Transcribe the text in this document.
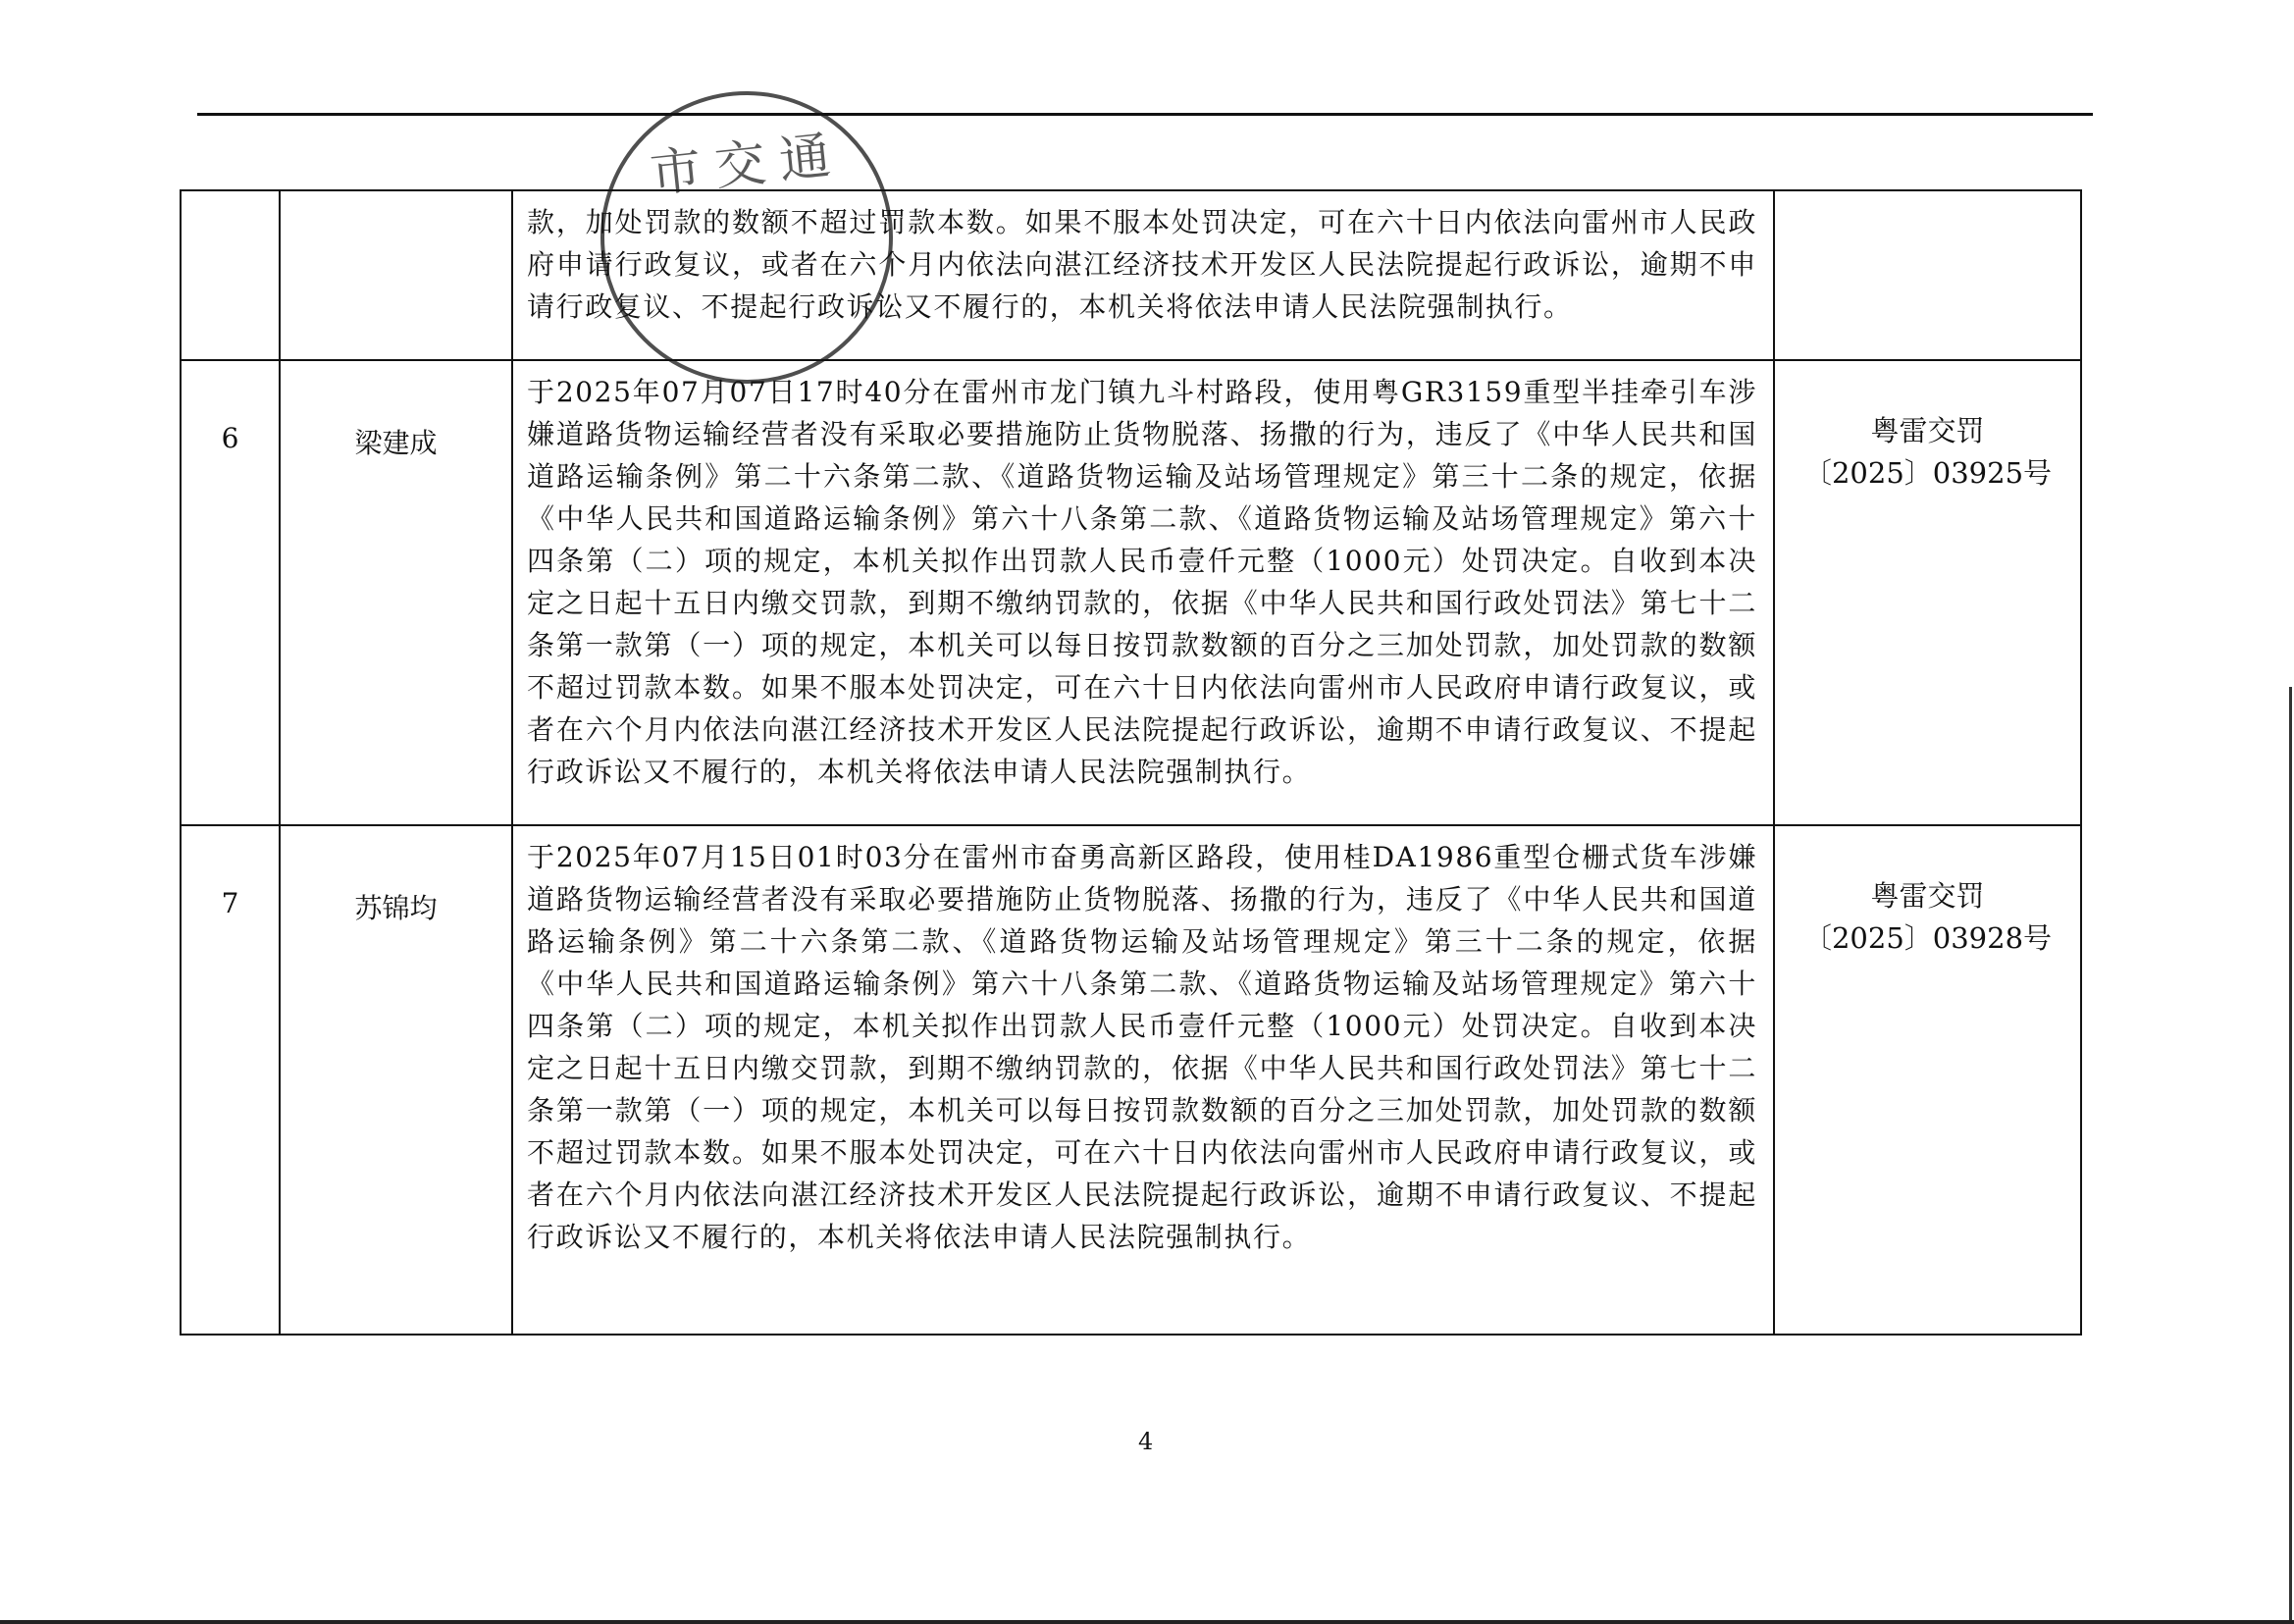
		款，加处罚款的数额不超过罚款本数。如果不服本处罚决定，可在六十日内依法向雷州市人民政府申请行政复议，或者在六个月内依法向湛江经济技术开发区人民法院提起行政诉讼，逾期不申请行政复议、不提起行政诉讼又不履行的，本机关将依法申请人民法院强制执行。	

6	梁建成	于2025年07月07日17时40分在雷州市龙门镇九斗村路段，使用粤GR3159重型半挂牵引车涉嫌道路货物运输经营者没有采取必要措施防止货物脱落、扬撒的行为，违反了《中华人民共和国道路运输条例》第二十六条第二款、《道路货物运输及站场管理规定》第三十二条的规定，依据《中华人民共和国道路运输条例》第六十八条第二款、《道路货物运输及站场管理规定》第六十四条第（二）项的规定，本机关拟作出罚款人民币壹仟元整（1000元）处罚决定。自收到本决定之日起十五日内缴交罚款，到期不缴纳罚款的，依据《中华人民共和国行政处罚法》第七十二条第一款第（一）项的规定，本机关可以每日按罚款数额的百分之三加处罚款，加处罚款的数额不超过罚款本数。如果不服本处罚决定，可在六十日内依法向雷州市人民政府申请行政复议，或者在六个月内依法向湛江经济技术开发区人民法院提起行政诉讼，逾期不申请行政复议、不提起行政诉讼又不履行的，本机关将依法申请人民法院强制执行。	粤雷交罚
〔2025〕03925号

7	苏锦均	于2025年07月15日01时03分在雷州市奋勇高新区路段，使用桂DA1986重型仓栅式货车涉嫌道路货物运输经营者没有采取必要措施防止货物脱落、扬撒的行为，违反了《中华人民共和国道路运输条例》第二十六条第二款、《道路货物运输及站场管理规定》第三十二条的规定，依据《中华人民共和国道路运输条例》第六十八条第二款、《道路货物运输及站场管理规定》第六十四条第（二）项的规定，本机关拟作出罚款人民币壹仟元整（1000元）处罚决定。自收到本决定之日起十五日内缴交罚款，到期不缴纳罚款的，依据《中华人民共和国行政处罚法》第七十二条第一款第（一）项的规定，本机关可以每日按罚款数额的百分之三加处罚款，加处罚款的数额不超过罚款本数。如果不服本处罚决定，可在六十日内依法向雷州市人民政府申请行政复议，或者在六个月内依法向湛江经济技术开发区人民法院提起行政诉讼，逾期不申请行政复议、不提起行政诉讼又不履行的，本机关将依法申请人民法院强制执行。	粤雷交罚
〔2025〕03928号
市交通
4
